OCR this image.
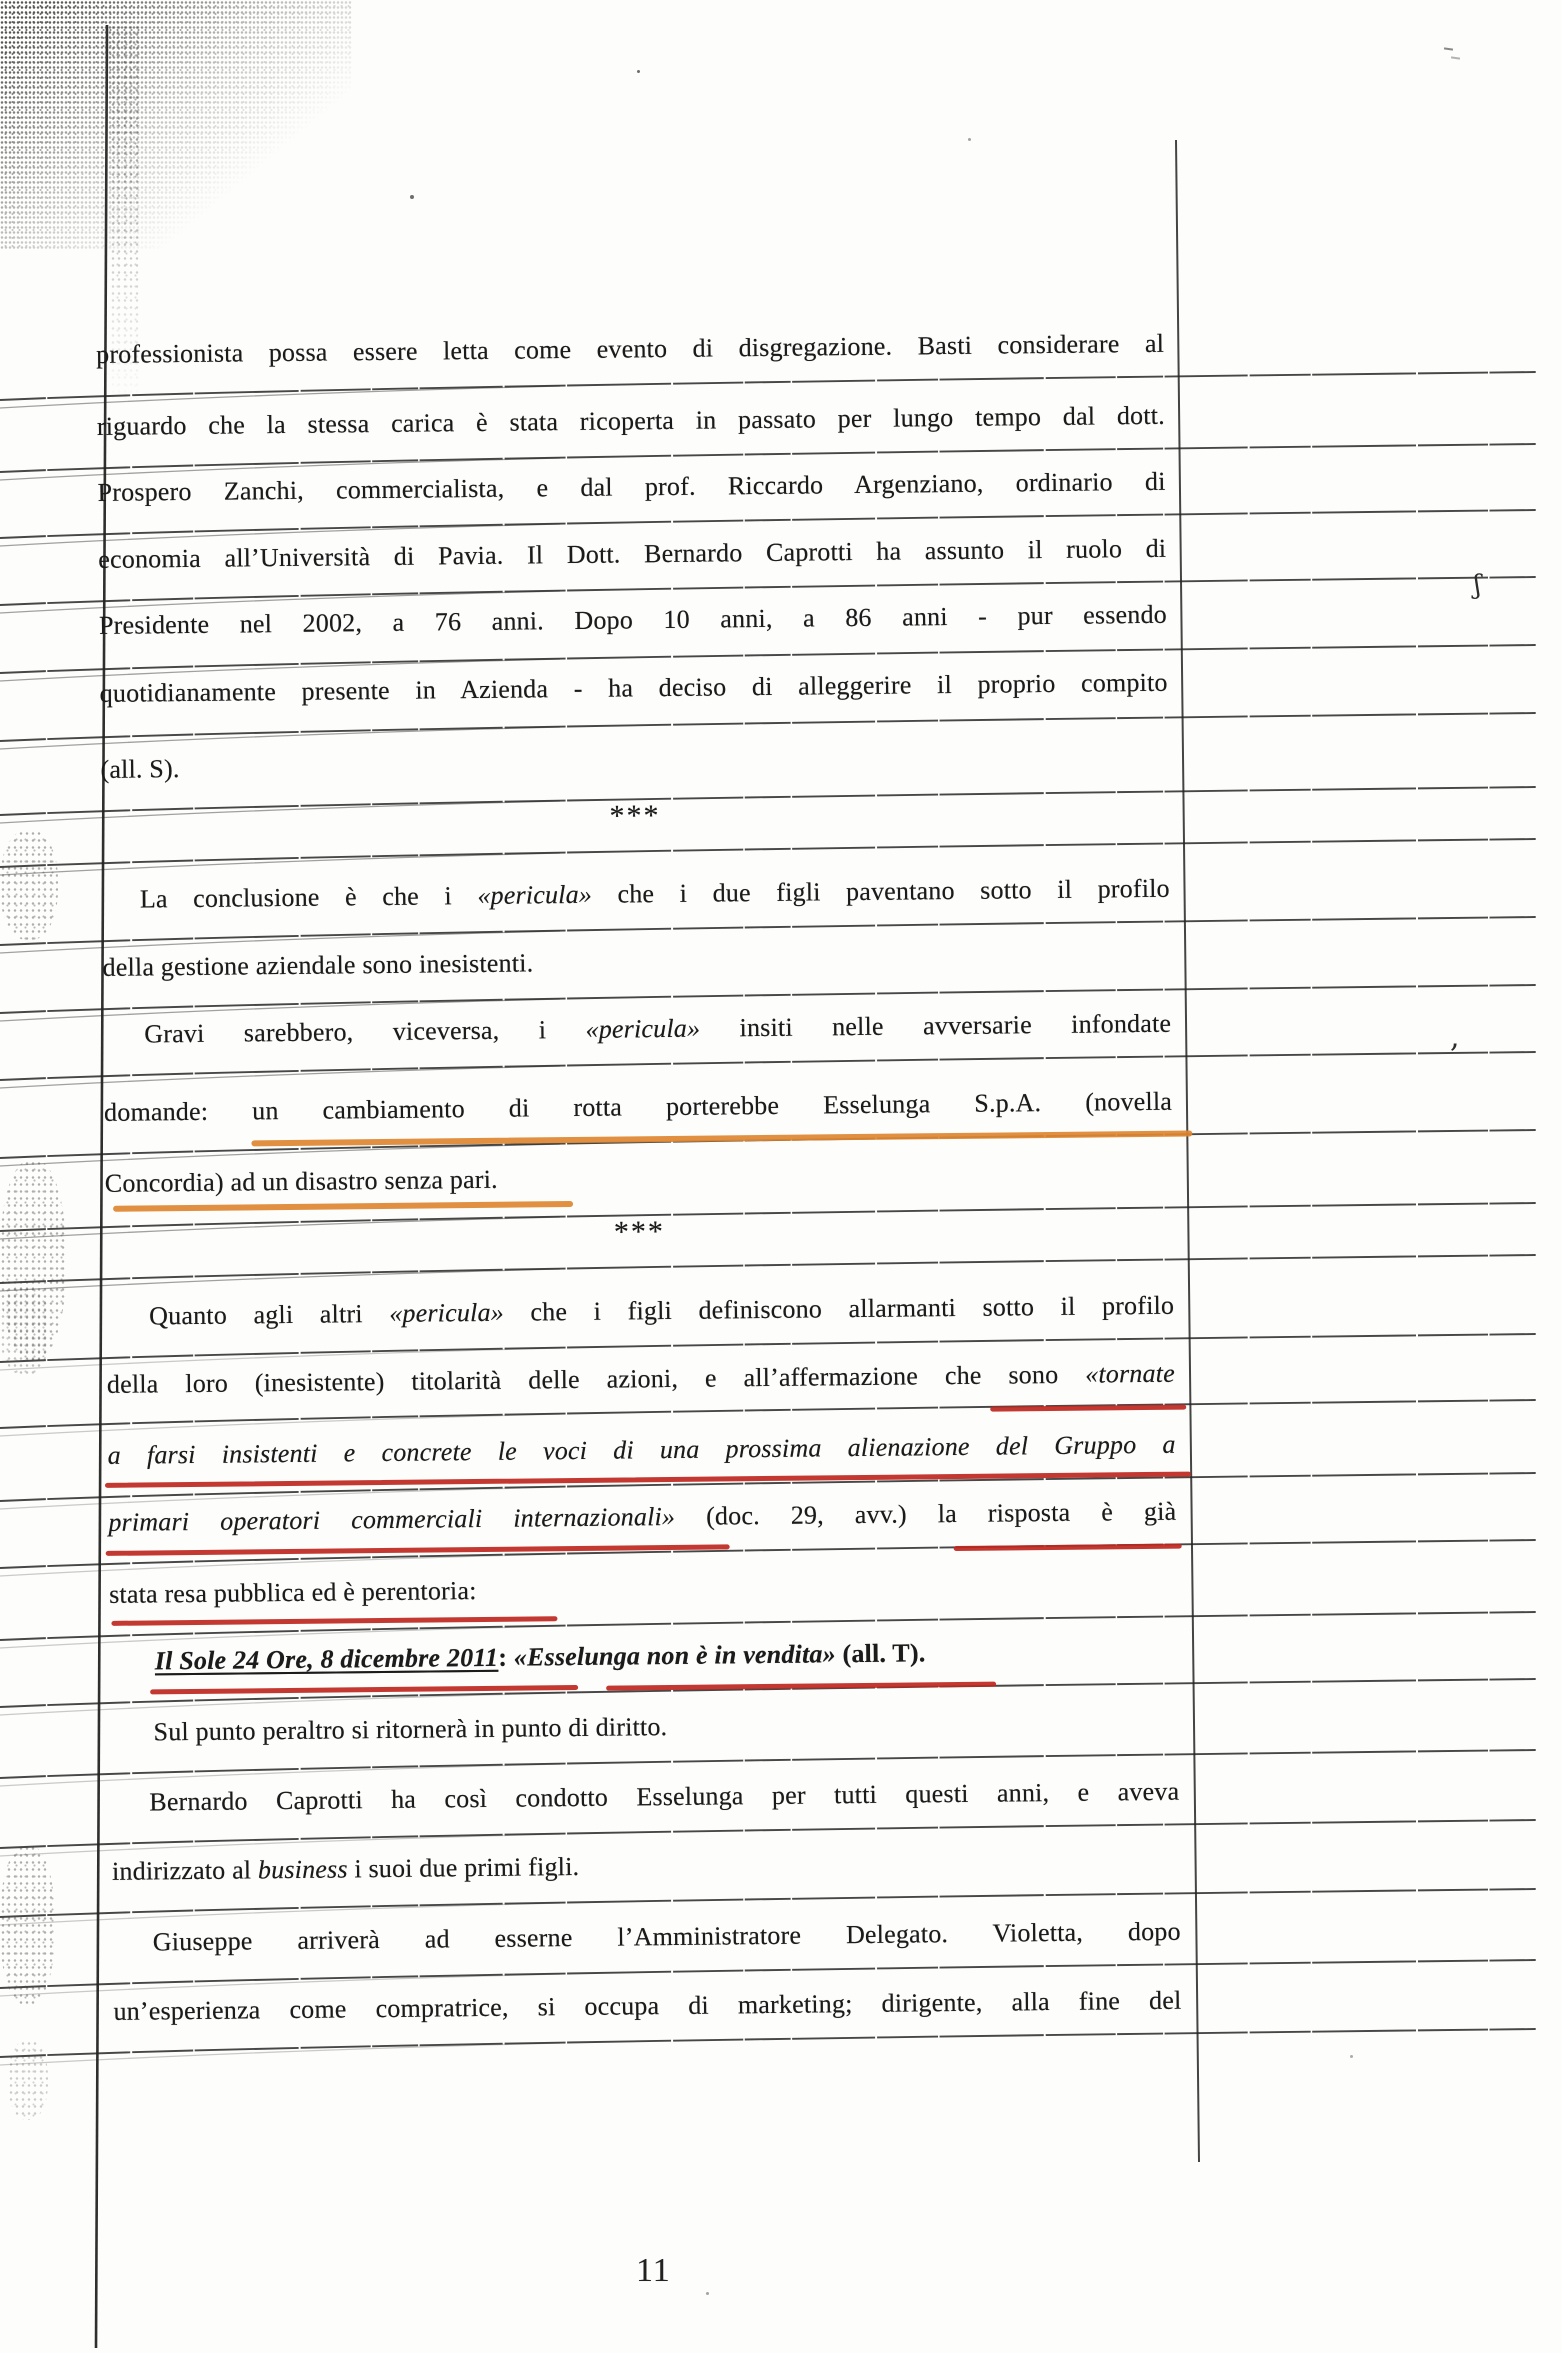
professionista possa essere letta come evento di disgregazione. Basti considerare al
riguardo che la stessa carica è stata ricoperta in passato per lungo tempo dal dott.
Prospero Zanchi, commercialista, e dal prof. Riccardo Argenziano, ordinario di
economia all’Università di Pavia. Il Dott. Bernardo Caprotti ha assunto il ruolo di
Presidente nel 2002, a 76 anni. Dopo 10 anni, a 86 anni - pur essendo
quotidianamente presente in Azienda - ha deciso di alleggerire il proprio compito
(all. S).
***
La conclusione è che i «pericula» che i due figli paventano sotto il profilo
della gestione aziendale sono inesistenti.
Gravi sarebbero, viceversa, i «pericula» insiti nelle avversarie infondate
domande: un cambiamento di rotta porterebbe Esselunga S.p.A. (novella
Concordia) ad un disastro senza pari.
***
Quanto agli altri «pericula» che i figli definiscono allarmanti sotto il profilo
della loro (inesistente) titolarità delle azioni, e all’affermazione che sono «tornate
a farsi insistenti e concrete le voci di una prossima alienazione del Gruppo a
primari operatori commerciali internazionali» (doc. 29, avv.) la risposta è già
stata resa pubblica ed è perentoria:
Il Sole 24 Ore, 8 dicembre 2011: «Esselunga non è in vendita» (all. T).
Sul punto peraltro si ritornerà in punto di diritto.
Bernardo Caprotti ha così condotto Esselunga per tutti questi anni, e aveva
indirizzato al business i suoi due primi figli.
Giuseppe arriverà ad esserne l’Amministratore Delegato. Violetta, dopo
un’esperienza come compratrice, si occupa di marketing; dirigente, alla fine del
11
ʃ
,
